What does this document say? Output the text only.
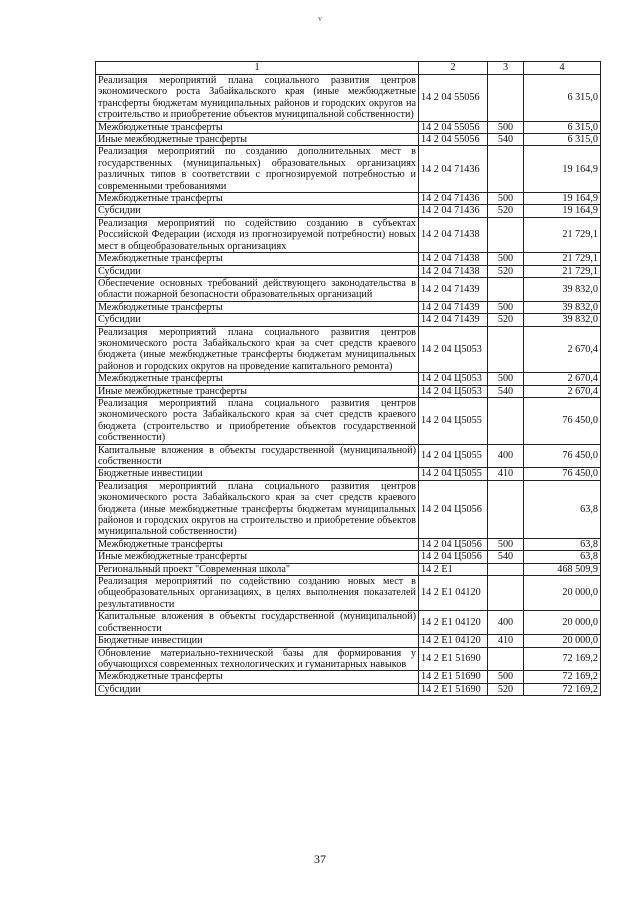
v
1	2	3	4
Реализация мероприятий плана социального развития центров экономического роста Забайкальского края (иные межбюджетные трансферты бюджетам муниципальных районов и городских округов на строительство и приобретение объектов муниципальной собственности)	14 2 04 55056		6 315,0
Межбюджетные трансферты	14 2 04 55056	500	6 315,0
Иные межбюджетные трансферты	14 2 04 55056	540	6 315,0
Реализация мероприятий по созданию дополнительных мест в государственных (муниципальных) образовательных организациях различных типов в соответствии с прогнозируемой потребностью и современными требованиями	14 2 04 71436		19 164,9
Межбюджетные трансферты	14 2 04 71436	500	19 164,9
Субсидии	14 2 04 71436	520	19 164,9
Реализация мероприятий по содействию созданию в субъектах Российской Федерации (исходя из прогнозируемой потребности) новых мест в общеобразовательных организациях	14 2 04 71438		21 729,1
Межбюджетные трансферты	14 2 04 71438	500	21 729,1
Субсидии	14 2 04 71438	520	21 729,1
Обеспечение основных требований действующего законодательства в области пожарной безопасности образовательных организаций	14 2 04 71439		39 832,0
Межбюджетные трансферты	14 2 04 71439	500	39 832,0
Субсидии	14 2 04 71439	520	39 832,0
Реализация мероприятий плана социального развития центров экономического роста Забайкальского края за счет средств краевого бюджета (иные межбюджетные трансферты бюджетам муниципальных районов и городских округов на проведение капитального ремонта)	14 2 04 Ц5053		2 670,4
Межбюджетные трансферты	14 2 04 Ц5053	500	2 670,4
Иные межбюджетные трансферты	14 2 04 Ц5053	540	2 670,4
Реализация мероприятий плана социального развития центров экономического роста Забайкальского края за счет средств краевого бюджета (строительство и приобретение объектов государственной собственности)	14 2 04 Ц5055		76 450,0
Капитальные вложения в объекты государственной (муниципальной) собственности	14 2 04 Ц5055	400	76 450,0
Бюджетные инвестиции	14 2 04 Ц5055	410	76 450,0
Реализация мероприятий плана социального развития центров экономического роста Забайкальского края за счет средств краевого бюджета (иные межбюджетные трансферты бюджетам муниципальных районов и городских округов на строительство и приобретение объектов муниципальной собственности)	14 2 04 Ц5056		63,8
Межбюджетные трансферты	14 2 04 Ц5056	500	63,8
Иные межбюджетные трансферты	14 2 04 Ц5056	540	63,8
Региональный проект "Современная школа"	14 2 E1		468 509,9
Реализация мероприятий по содействию созданию новых мест в общеобразовательных организациях, в целях выполнения показателей результативности	14 2 E1 04120		20 000,0
Капитальные вложения в объекты государственной (муниципальной) собственности	14 2 E1 04120	400	20 000,0
Бюджетные инвестиции	14 2 E1 04120	410	20 000,0
Обновление материально-технической базы для формирования у обучающихся современных технологических и гуманитарных навыков	14 2 E1 51690		72 169,2
Межбюджетные трансферты	14 2 E1 51690	500	72 169,2
Субсидии	14 2 E1 51690	520	72 169,2
37
